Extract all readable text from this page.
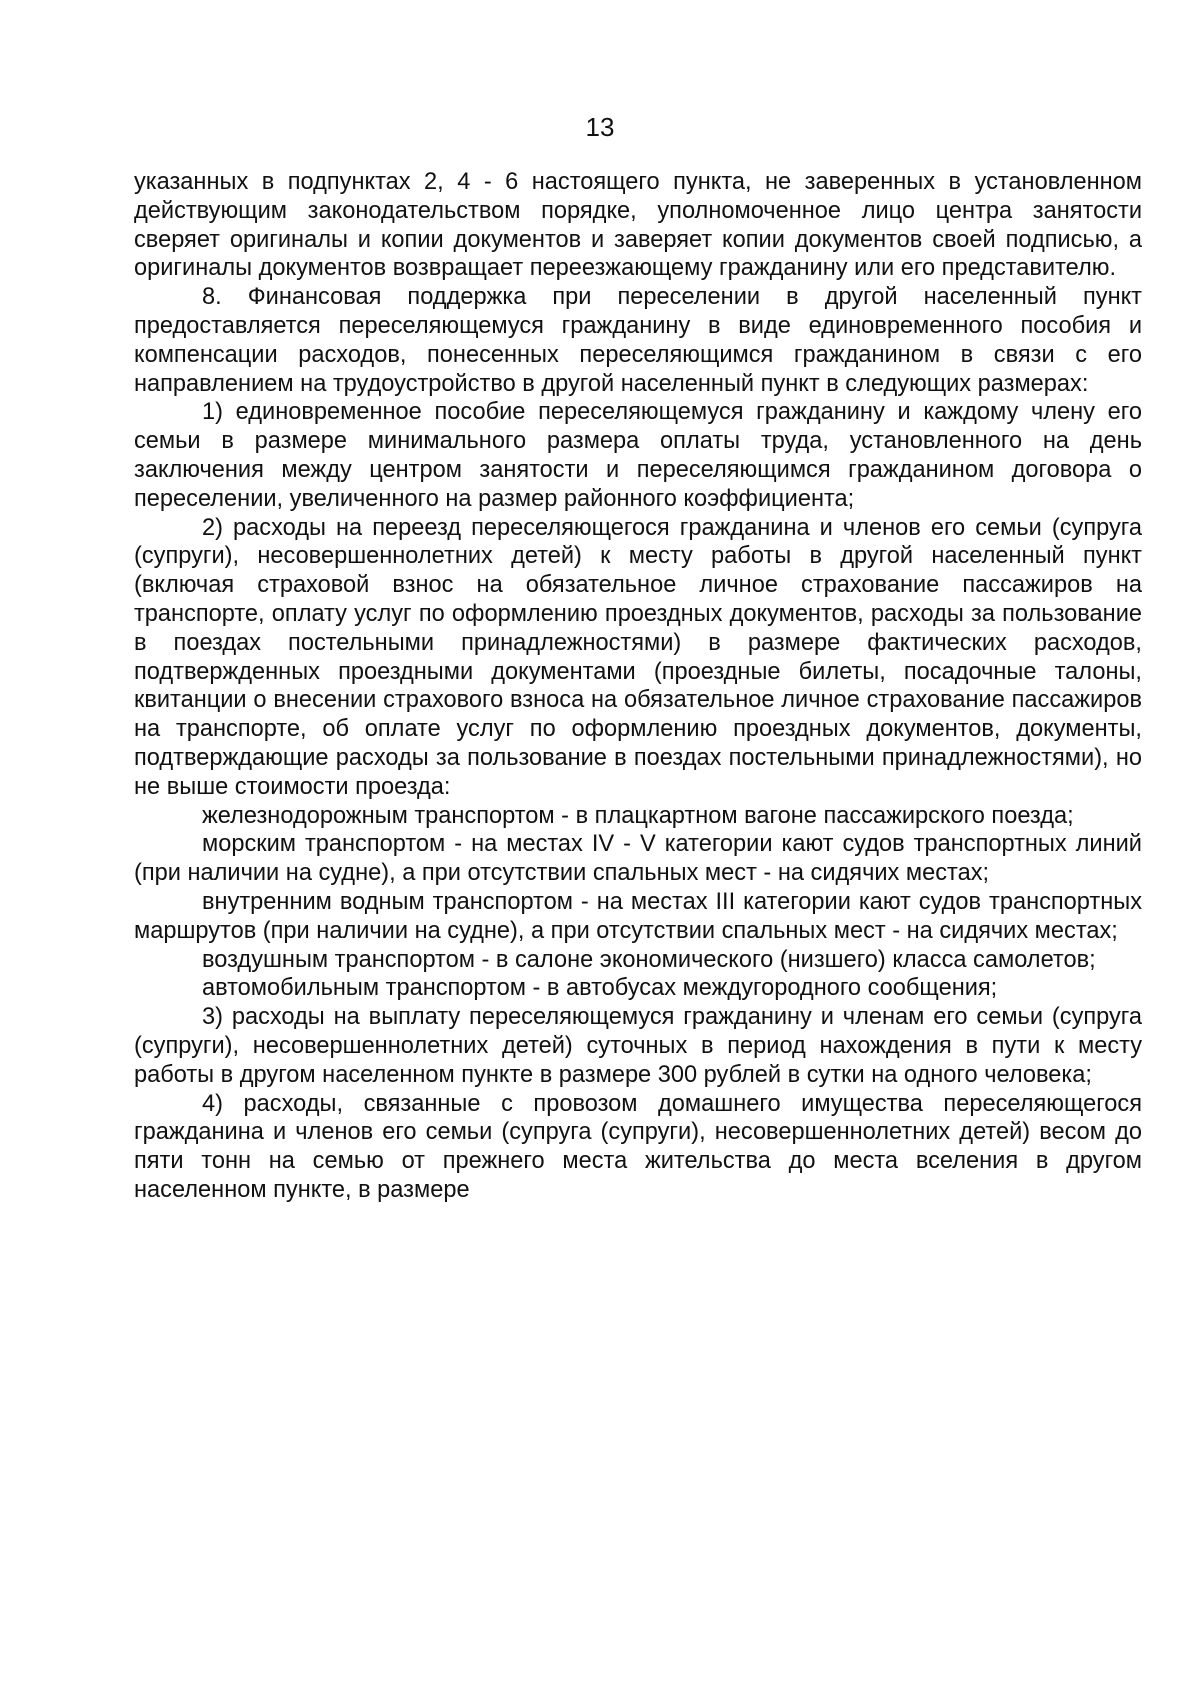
13

указанных в подпунктах 2, 4 - 6 настоящего пункта, не заверенных в установленном действующим законодательством порядке, уполномоченное лицо центра занятости сверяет оригиналы и копии документов и заверяет копии документов своей подписью, а оригиналы документов возвращает переезжающему гражданину или его представителю.

8. Финансовая поддержка при переселении в другой населенный пункт предоставляется переселяющемуся гражданину в виде единовременного пособия и компенсации расходов, понесенных переселяющимся гражданином в связи с его направлением на трудоустройство в другой населенный пункт в следующих размерах:

1) единовременное пособие переселяющемуся гражданину и каждому члену его семьи в размере минимального размера оплаты труда, установленного на день заключения между центром занятости и переселяющимся гражданином договора о переселении, увеличенного на размер районного коэффициента;

2) расходы на переезд переселяющегося гражданина и членов его семьи (супруга (супруги), несовершеннолетних детей) к месту работы в другой населенный пункт (включая страховой взнос на обязательное личное страхование пассажиров на транспорте, оплату услуг по оформлению проездных документов, расходы за пользование в поездах постельными принадлежностями) в размере фактических расходов, подтвержденных проездными документами (проездные билеты, посадочные талоны, квитанции о внесении страхового взноса на обязательное личное страхование пассажиров на транспорте, об оплате услуг по оформлению проездных документов, документы, подтверждающие расходы за пользование в поездах постельными принадлежностями), но не выше стоимости проезда:

железнодорожным транспортом - в плацкартном вагоне пассажирского поезда;

морским транспортом - на местах IV - V категории кают судов транспортных линий (при наличии на судне), а при отсутствии спальных мест - на сидячих местах;

внутренним водным транспортом - на местах III категории кают судов транспортных маршрутов (при наличии на судне), а при отсутствии спальных мест - на сидячих местах;

воздушным транспортом - в салоне экономического (низшего) класса самолетов;

автомобильным транспортом - в автобусах междугородного сообщения;

3) расходы на выплату переселяющемуся гражданину и членам его семьи (супруга (супруги), несовершеннолетних детей) суточных в период нахождения в пути к месту работы в другом населенном пункте в размере 300 рублей в сутки на одного человека;

4) расходы, связанные с провозом домашнего имущества переселяющегося гражданина и членов его семьи (супруга (супруги), несовершеннолетних детей) весом до пяти тонн на семью от прежнего места жительства до места вселения в другом населенном пункте, в размере
